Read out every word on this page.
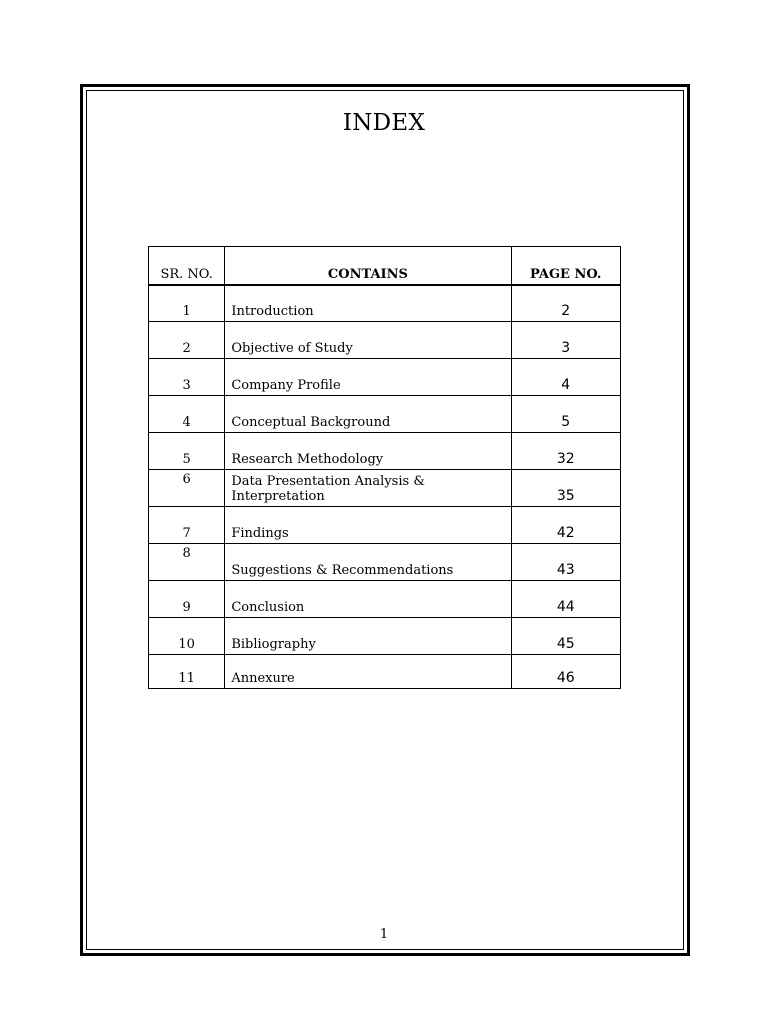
INDEX
SR. NO.	CONTAINS	PAGE NO.
1	Introduction	2
2	Objective of Study	3
3	Company Profile	4
4	Conceptual Background	5
5	Research Methodology	32

6	Data Presentation Analysis & Interpretation	35
7	Findings	42

8	Suggestions & Recommendations	43
9	Conclusion	44
10	Bibliography	45
11	Annexure	46
1
